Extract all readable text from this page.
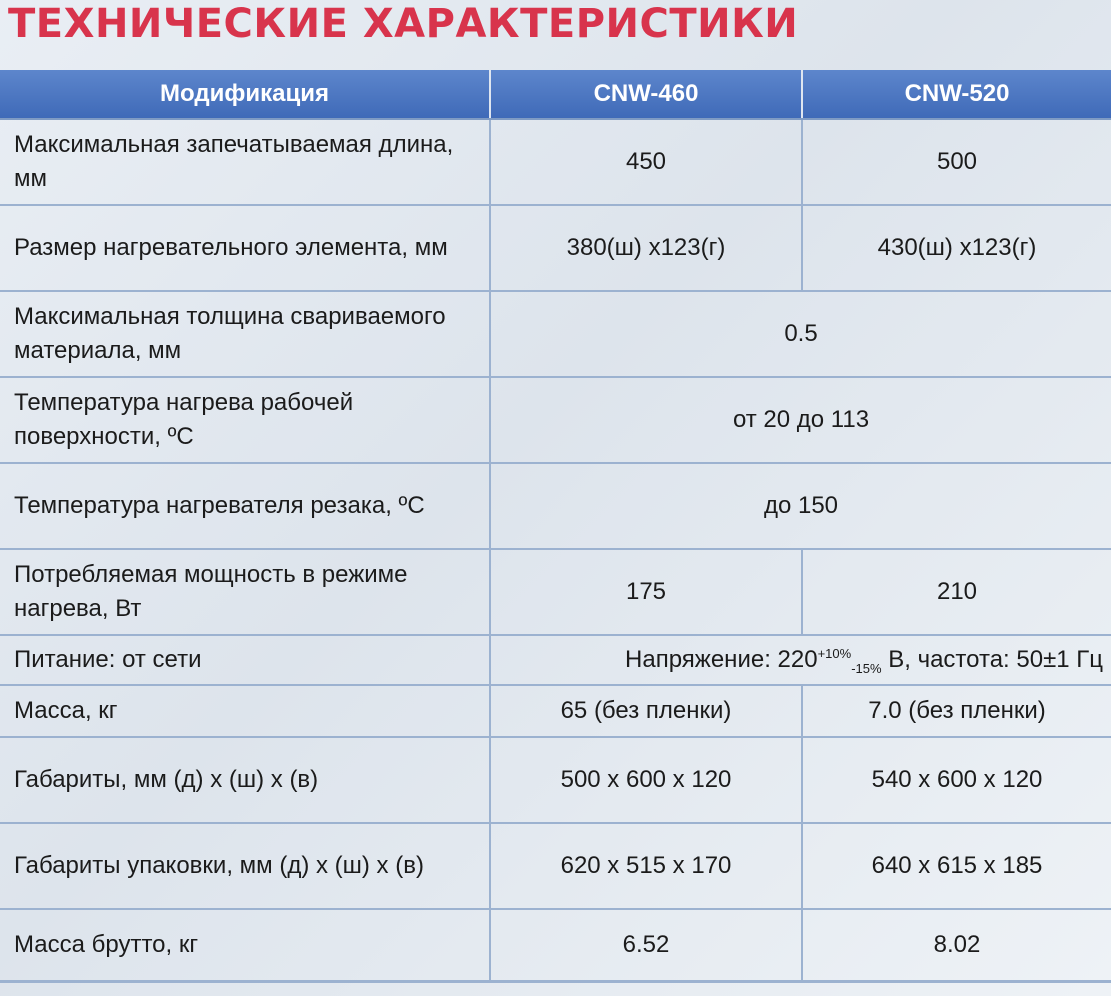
ТЕХНИЧЕСКИЕ ХАРАКТЕРИСТИКИ
Модификация	CNW-460	CNW-520
Максимальная запечатываемая длина, мм	450	500
Размер нагревательного элемента, мм	380(ш) х123(г)	430(ш) х123(г)
Максимальная толщина свариваемого материала, мм	0.5	
Температура нагрева рабочей поверхности, ºС	от 20 до 113	
Температура нагревателя резака, ºС	до 150	
Потребляемая мощность в режиме нагрева, Вт	175	210
Питание: от сети	Напряжение: $220^{+10\%}_{-15\%}$ В, частота: 50±1 Гц	
Масса, кг	65 (без пленки)	7.0 (без пленки)
Габариты, мм (д) х (ш) х (в)	500 х 600 х 120	540 х 600 х 120
Габариты упаковки, мм (д) х (ш) х (в)	620 х 515 х 170	640 х 615 х 185
Масса брутто, кг	6.52	8.02
